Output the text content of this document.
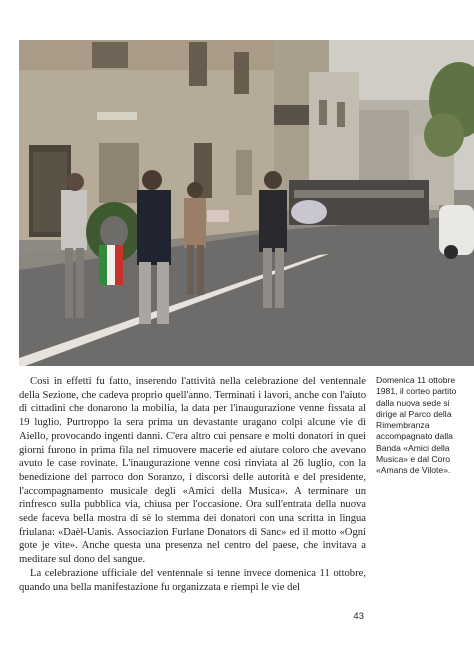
Così in effetti fu fatto, inserendo l'attività nella celebrazione del ventennale della Sezione, che cadeva proprio quell'anno. Terminati i lavori, anche con l'aiuto di cittadini che donarono la mobilia, la data per l'inaugurazione venne fissata al 19 luglio. Purtroppo la sera prima un devastante uragano colpì alcune vie di Aiello, provocando ingenti danni. C'era altro cui pensare e molti donatori in quei giorni furono in prima fila nel rimuovere macerie ed aiutare coloro che avevano avuto le case rovinate. L'inaugurazione venne così rinviata al 26 luglio, con la benedizione del parroco don Soranzo, i discorsi delle autorità e del presidente, l'accompagnamento musicale degli «Amici della Musica». A terminare un rinfresco sulla pubblica via, chiusa per l'occasione. Ora sull'entrata della nuova sede faceva bella mostra di sè lo stemma dei donatori con una scritta in lingua friulana: «Daèl-Uanis. Associazion Furlane Donators di Sanc» ed il motto «Ogni gote je vite». Anche questa una presenza nel centro del paese, che invitava a meditare sul dono del sangue.

La celebrazione ufficiale del ventennale si tenne invece domenica 11 ottobre, quando una bella manifestazione fu organizzata e riempì le vie del

Domenica 11 ottobre 1981, il corteo partito dalla nuova sede si dirige al Parco della Rimembranza accompagnato dalla Banda «Amici della Musica» e dal Coro «Amans de Vilote».

43
